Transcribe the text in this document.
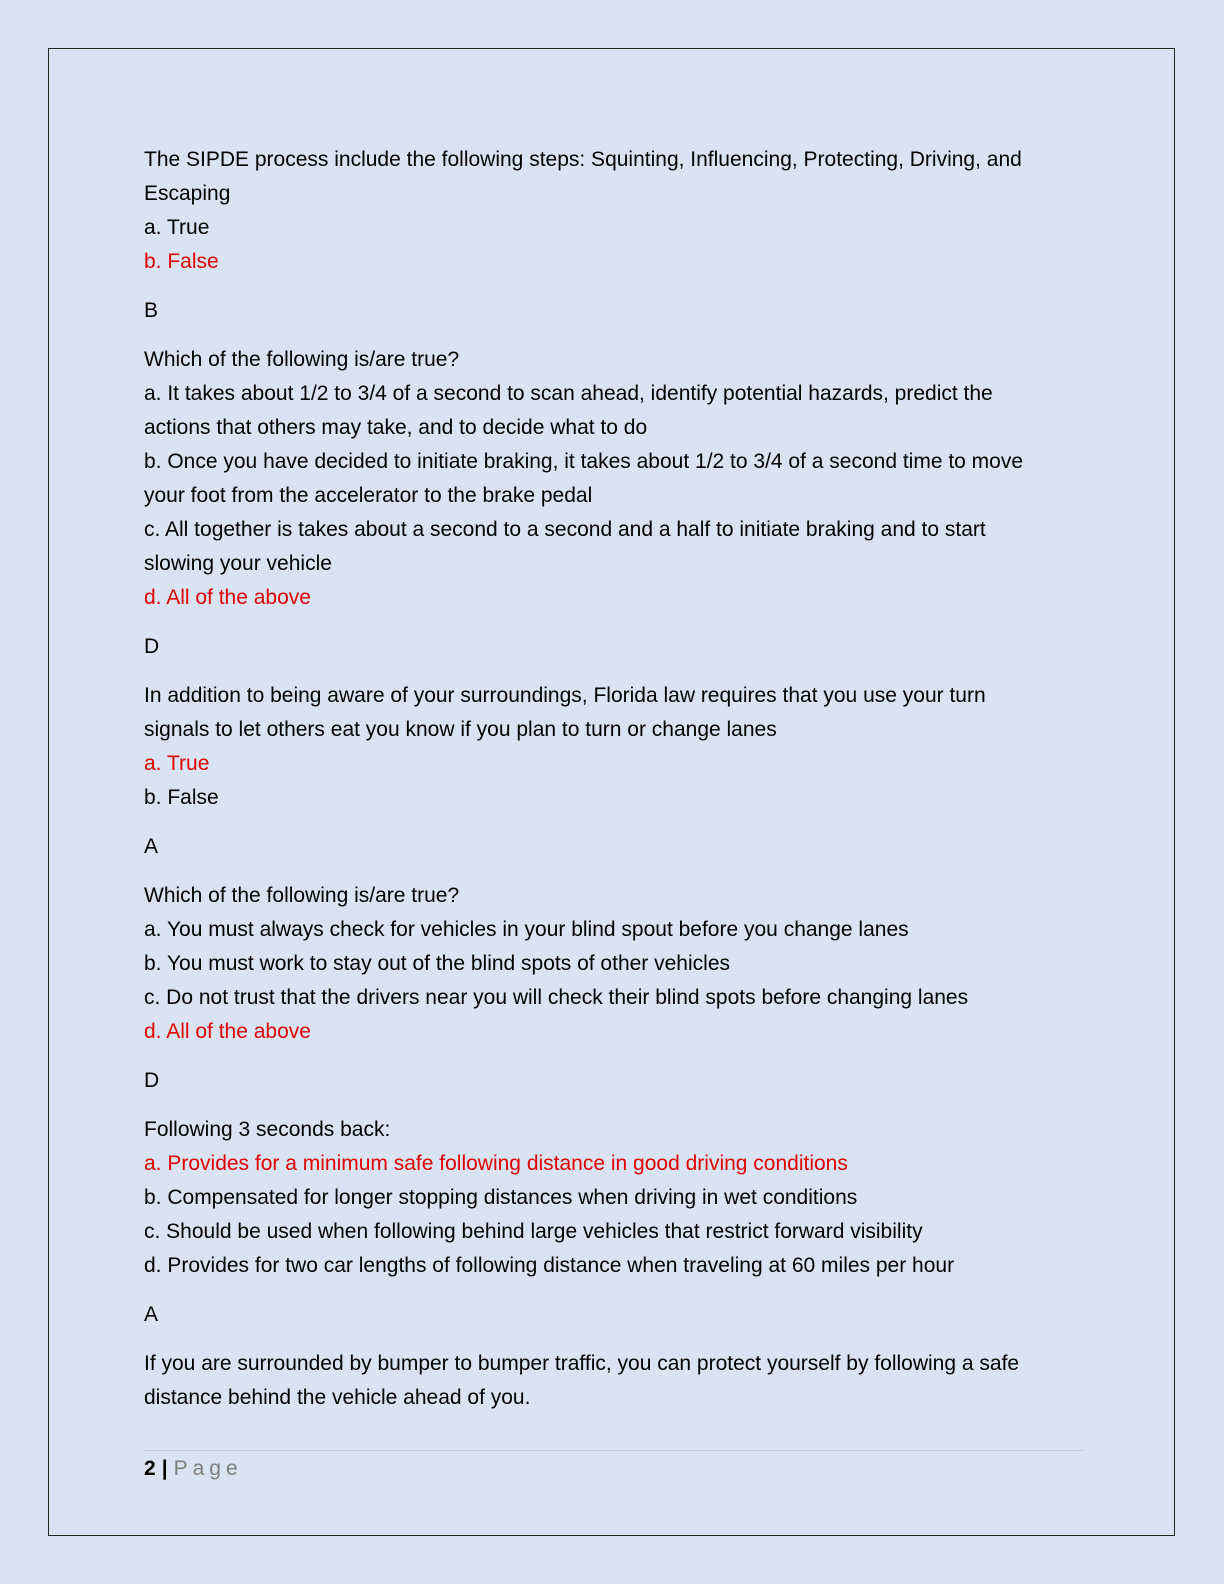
The SIPDE process include the following steps: Squinting, Influencing, Protecting, Driving, and

Escaping

a. True

b. False

B

Which of the following is/are true?

a. It takes about 1/2 to 3/4 of a second to scan ahead, identify potential hazards, predict the

actions that others may take, and to decide what to do

b. Once you have decided to initiate braking, it takes about 1/2 to 3/4 of a second time to move

your foot from the accelerator to the brake pedal

c. All together is takes about a second to a second and a half to initiate braking and to start

slowing your vehicle

d. All of the above

D

In addition to being aware of your surroundings, Florida law requires that you use your turn

signals to let others eat you know if you plan to turn or change lanes

a. True

b. False

A

Which of the following is/are true?

a. You must always check for vehicles in your blind spout before you change lanes

b. You must work to stay out of the blind spots of other vehicles

c. Do not trust that the drivers near you will check their blind spots before changing lanes

d. All of the above

D

Following 3 seconds back:

a. Provides for a minimum safe following distance in good driving conditions

b. Compensated for longer stopping distances when driving in wet conditions

c. Should be used when following behind large vehicles that restrict forward visibility

d. Provides for two car lengths of following distance when traveling at 60 miles per hour

A

If you are surrounded by bumper to bumper traffic, you can protect yourself by following a safe

distance behind the vehicle ahead of you.

2 | Page
